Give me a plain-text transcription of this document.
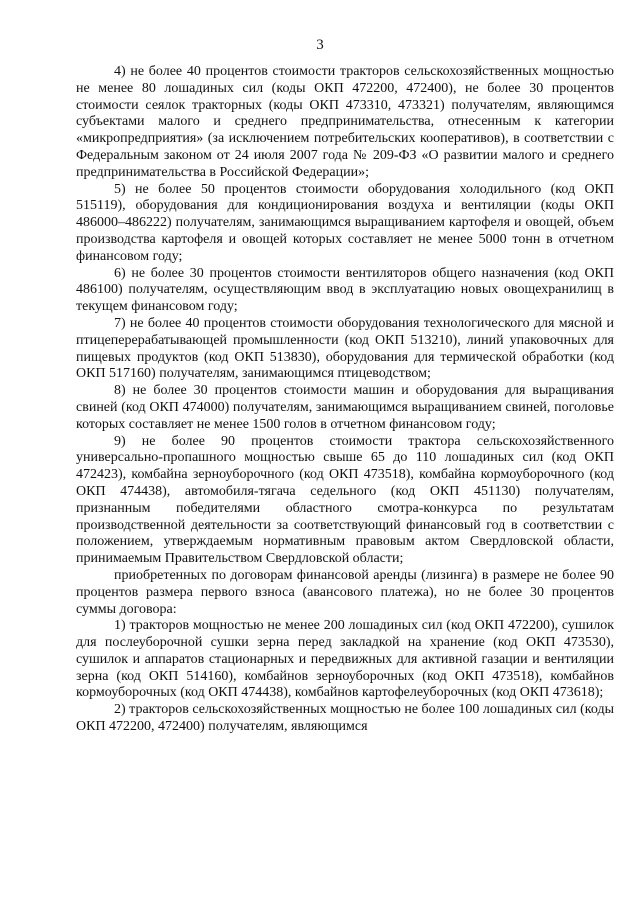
3

4) не более 40 процентов стоимости тракторов сельскохозяйственных мощностью не менее 80 лошадиных сил (коды ОКП 472200, 472400), не более 30 процентов стоимости сеялок тракторных (коды ОКП 473310, 473321) получателям, являющимся субъектами малого и среднего предпринимательства, отнесенным к категории «микропредприятия» (за исключением потребительских кооперативов), в соответствии с Федеральным законом от 24 июля 2007 года № 209-ФЗ «О развитии малого и среднего предпринимательства в Российской Федерации»;

5) не более 50 процентов стоимости оборудования холодильного (код ОКП 515119), оборудования для кондиционирования воздуха и вентиляции (коды ОКП 486000–486222) получателям, занимающимся выращиванием картофеля и овощей, объем производства картофеля и овощей которых составляет не менее 5000 тонн в отчетном финансовом году;

6) не более 30 процентов стоимости вентиляторов общего назначения (код ОКП 486100) получателям, осуществляющим ввод в эксплуатацию новых овощехранилищ в текущем финансовом году;

7) не более 40 процентов стоимости оборудования технологического для мясной и птицеперерабатывающей промышленности (код ОКП 513210), линий упаковочных для пищевых продуктов (код ОКП 513830), оборудования для термической обработки (код ОКП 517160) получателям, занимающимся птицеводством;

8) не более 30 процентов стоимости машин и оборудования для выращивания свиней (код ОКП 474000) получателям, занимающимся выращиванием свиней, поголовье которых составляет не менее 1500 голов в отчетном финансовом году;

9) не более 90 процентов стоимости трактора сельскохозяйственного универсально-пропашного мощностью свыше 65 до 110 лошадиных сил (код ОКП 472423), комбайна зерноуборочного (код ОКП 473518), комбайна кормоуборочного (код ОКП 474438), автомобиля-тягача седельного (код ОКП 451130) получателям, признанным победителями областного смотра-конкурса по результатам производственной деятельности за соответствующий финансовый год в соответствии с положением, утверждаемым нормативным правовым актом Свердловской области, принимаемым Правительством Свердловской области;

приобретенных по договорам финансовой аренды (лизинга) в размере не более 90 процентов размера первого взноса (авансового платежа), но не более 30 процентов суммы договора:

1) тракторов мощностью не менее 200 лошадиных сил (код ОКП 472200), сушилок для послеуборочной сушки зерна перед закладкой на хранение (код ОКП 473530), сушилок и аппаратов стационарных и передвижных для активной газации и вентиляции зерна (код ОКП 514160), комбайнов зерноуборочных (код ОКП 473518), комбайнов кормоуборочных (код ОКП 474438), комбайнов картофелеуборочных (код ОКП 473618);

2) тракторов сельскохозяйственных мощностью не более 100 лошадиных сил (коды ОКП 472200, 472400) получателям, являющимся
